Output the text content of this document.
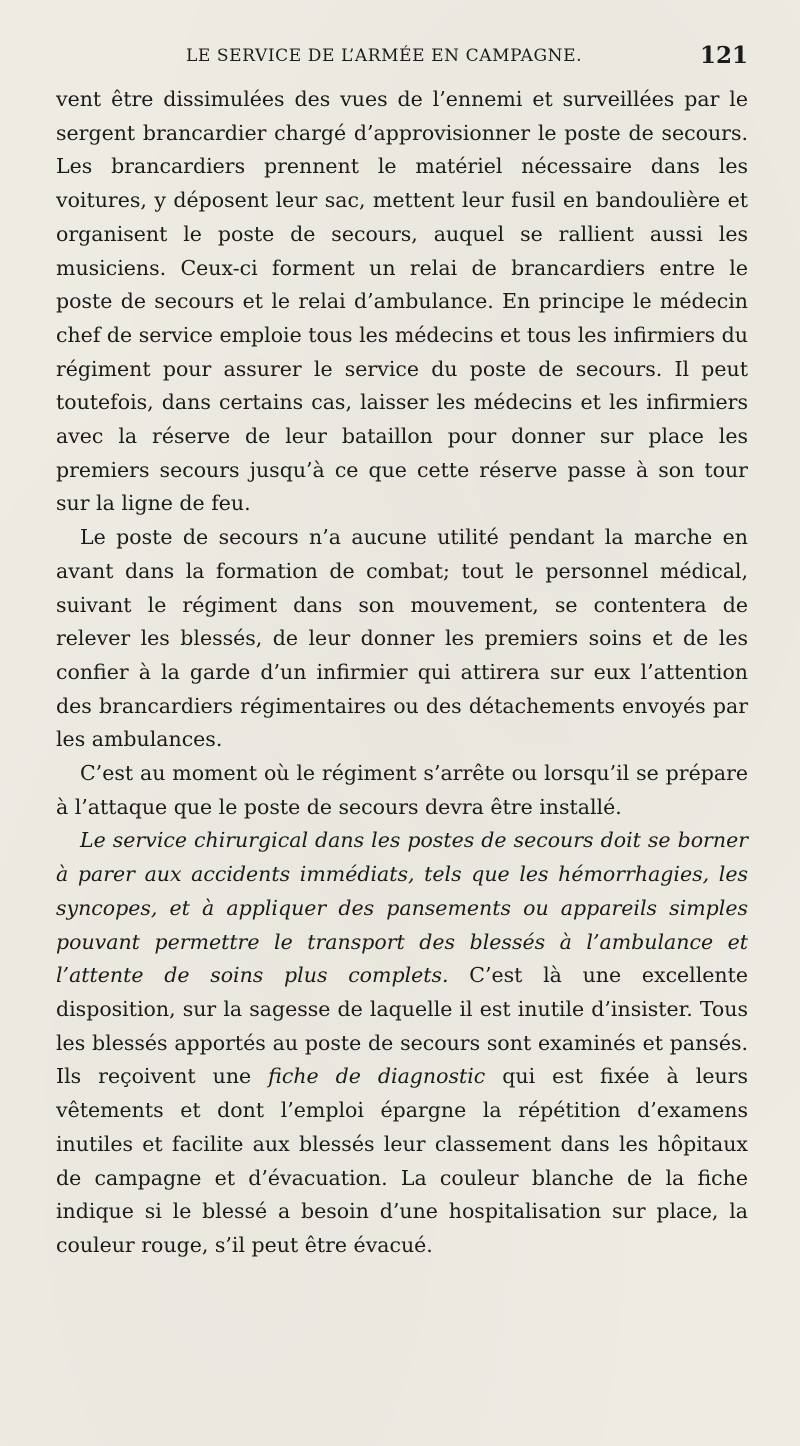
LE SERVICE DE L’ARMÉE EN CAMPAGNE.	121

vent être dissimulées des vues de l’ennemi et surveillées par le sergent brancardier chargé d’approvisionner le poste de secours. Les brancardiers prennent le matériel nécessaire dans les voitures, y déposent leur sac, mettent leur fusil en bandoulière et organisent le poste de secours, auquel se rallient aussi les musiciens. Ceux-ci forment un relai de brancardiers entre le poste de secours et le relai d’ambulance. En principe le médecin chef de service emploie tous les médecins et tous les infirmiers du régiment pour assurer le service du poste de secours. Il peut toutefois, dans certains cas, laisser les médecins et les infirmiers avec la réserve de leur bataillon pour donner sur place les premiers secours jusqu’à ce que cette réserve passe à son tour sur la ligne de feu.

Le poste de secours n’a aucune utilité pendant la marche en avant dans la formation de combat; tout le personnel médical, suivant le régiment dans son mouvement, se contentera de relever les blessés, de leur donner les premiers soins et de les confier à la garde d’un infirmier qui attirera sur eux l’attention des brancardiers régimentaires ou des détachements envoyés par les ambulances.

C’est au moment où le régiment s’arrête ou lorsqu’il se prépare à l’attaque que le poste de secours devra être installé.

Le service chirurgical dans les postes de secours doit se borner à parer aux accidents immédiats, tels que les hémorrhagies, les syncopes, et à appliquer des pansements ou appareils simples pouvant permettre le transport des blessés à l’ambulance et l’attente de soins plus complets. C’est là une excellente disposition, sur la sagesse de laquelle il est inutile d’insister. Tous les blessés apportés au poste de secours sont examinés et pansés. Ils reçoivent une fiche de diagnostic qui est fixée à leurs vêtements et dont l’emploi épargne la répétition d’examens inutiles et facilite aux blessés leur classement dans les hôpitaux de campagne et d’évacuation. La couleur blanche de la fiche indique si le blessé a besoin d’une hospitalisation sur place, la couleur rouge, s’il peut être évacué.
